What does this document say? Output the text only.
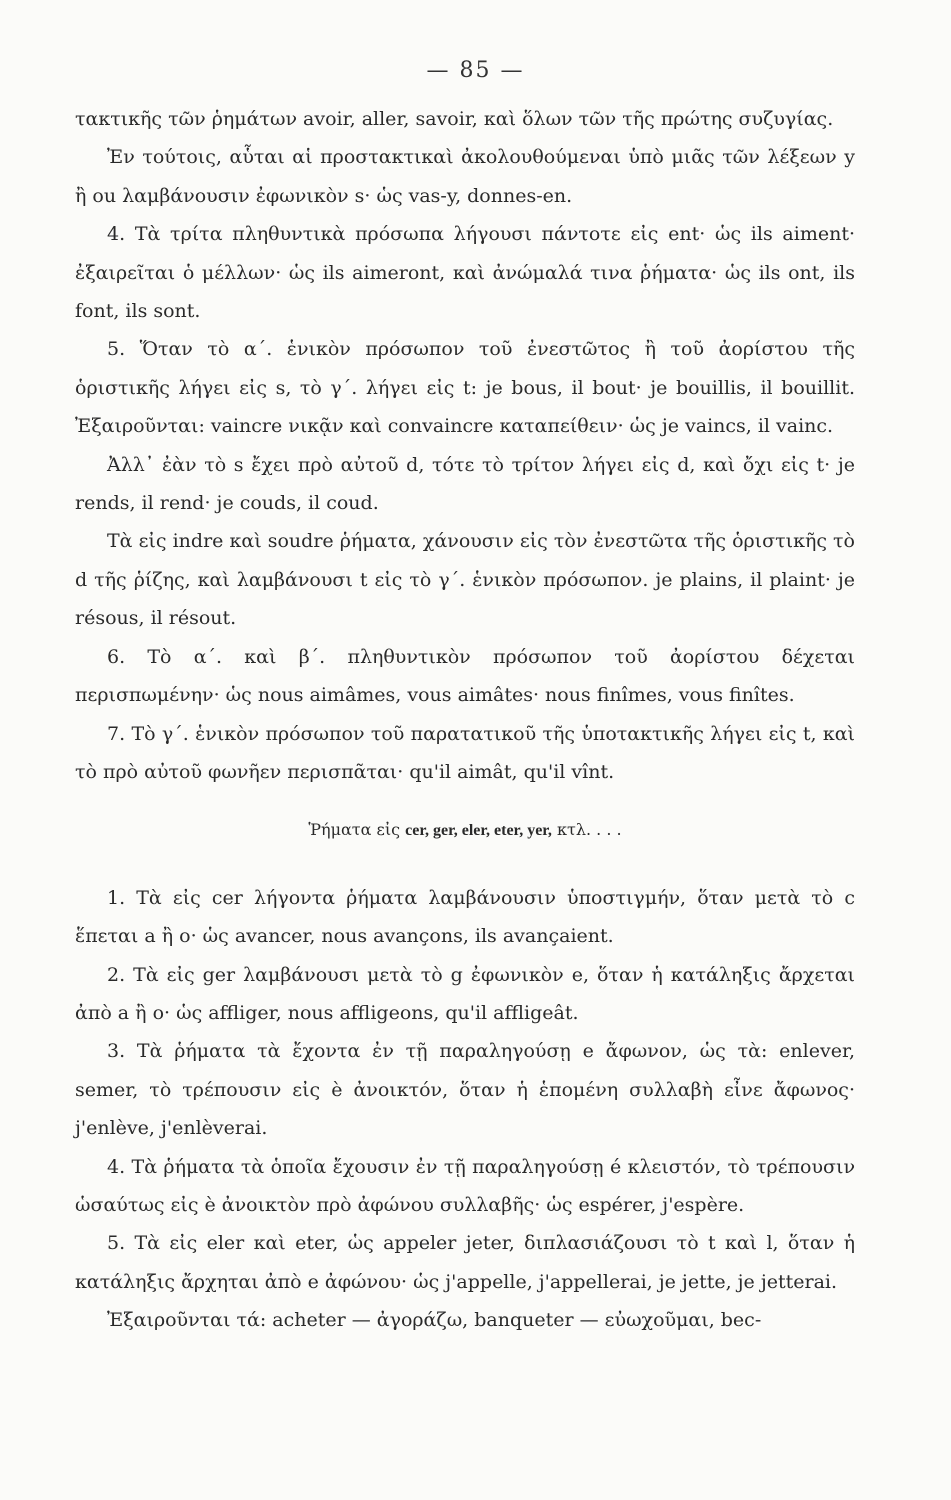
— 85 —

τακτικῆς τῶν ῥημάτων avoir, aller, savoir, καὶ ὅλων τῶν τῆς πρώτης συζυγίας.

Ἐν τούτοις, αὗται αἱ προστακτικαὶ ἀκολουθούμεναι ὑπὸ μιᾶς τῶν λέξεων y ἢ ou λαμβάνουσιν ἐφωνικὸν s· ὡς vas-y, donnes-en.

4. Τὰ τρίτα πληθυντικὰ πρόσωπα λήγουσι πάντοτε εἰς ent· ὡς ils aiment· ἐξαιρεῖται ὁ μέλλων· ὡς ils aimeront, καὶ ἀνώμαλά τινα ῥήματα· ὡς ils ont, ils font, ils sont.

5. Ὅταν τὸ α΄. ἑνικὸν πρόσωπον τοῦ ἐνεστῶτος ἢ τοῦ ἀορίστου τῆς ὁριστικῆς λήγει εἰς s, τὸ γ΄. λήγει εἰς t: je bous, il bout· je bouillis, il bouillit. Ἐξαιροῦνται: vaincre νικᾷν καὶ convaincre καταπείθειν· ὡς je vaincs, il vainc.

Ἀλλ᾽ ἐὰν τὸ s ἔχει πρὸ αὐτοῦ d, τότε τὸ τρίτον λήγει εἰς d, καὶ ὄχι εἰς t· je rends, il rend· je couds, il coud.

Τὰ εἰς indre καὶ soudre ῥήματα, χάνουσιν εἰς τὸν ἐνεστῶτα τῆς ὁριστικῆς τὸ d τῆς ῥίζης, καὶ λαμβάνουσι t εἰς τὸ γ΄. ἑνικὸν πρόσωπον. je plains, il plaint· je résous, il résout.

6. Τὸ α΄. καὶ β΄. πληθυντικὸν πρόσωπον τοῦ ἀορίστου δέχεται περισπωμένην· ὡς nous aimâmes, vous aimâtes· nous finîmes, vous finîtes.

7. Τὸ γ΄. ἑνικὸν πρόσωπον τοῦ παρατατικοῦ τῆς ὑποτακτικῆς λήγει εἰς t, καὶ τὸ πρὸ αὐτοῦ φωνῆεν περισπᾶται· qu'il aimât, qu'il vînt.

Ῥήματα εἰς cer, ger, eler, eter, yer, κτλ. . . .

1. Τὰ εἰς cer λήγοντα ῥήματα λαμβάνουσιν ὑποστιγμήν, ὅταν μετὰ τὸ c ἕπεται a ἢ o· ὡς avancer, nous avançons, ils avançaient.

2. Τὰ εἰς ger λαμβάνουσι μετὰ τὸ g ἐφωνικὸν e, ὅταν ἡ κατάληξις ἄρχεται ἀπὸ a ἢ o· ὡς affliger, nous affligeons, qu'il affligeât.

3. Τὰ ῥήματα τὰ ἔχοντα ἐν τῇ παραληγούσῃ e ἄφωνον, ὡς τὰ: enlever, semer, τὸ τρέπουσιν εἰς è ἀνοικτόν, ὅταν ἡ ἑπομένη συλλαβὴ εἶνε ἄφωνος· j'enlève, j'enlèverai.

4. Τὰ ῥήματα τὰ ὁποῖα ἔχουσιν ἐν τῇ παραληγούσῃ é κλειστόν, τὸ τρέπουσιν ὡσαύτως εἰς è ἀνοικτὸν πρὸ ἀφώνου συλλαβῆς· ὡς espérer, j'espère.

5. Τὰ εἰς eler καὶ eter, ὡς appeler jeter, διπλασιάζουσι τὸ t καὶ l, ὅταν ἡ κατάληξις ἄρχηται ἀπὸ e ἀφώνου· ὡς j'appelle, j'appellerai, je jette, je jetterai.

Ἐξαιροῦνται τά: acheter — ἀγοράζω, banqueter — εὐωχοῦμαι, bec-
